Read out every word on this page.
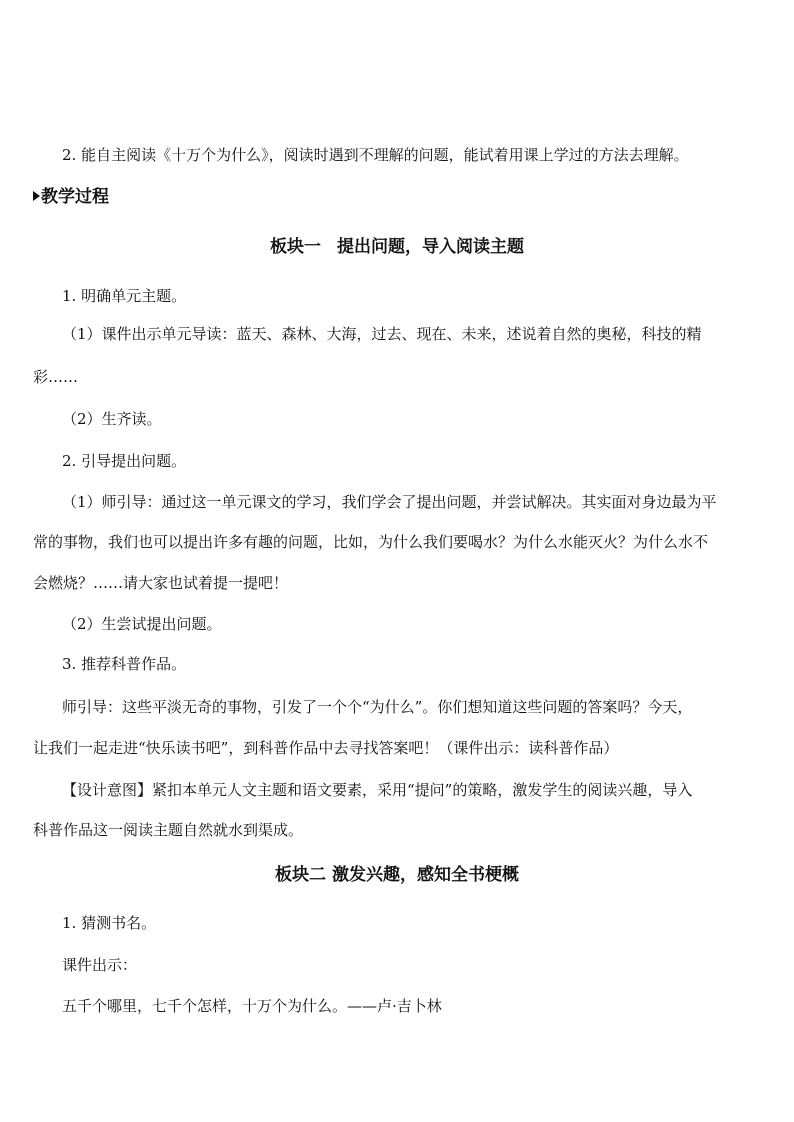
2. 能自主阅读《十万个为什么》，阅读时遇到不理解的问题，能试着用课上学过的方法去理解。
教学过程
板块一 提出问题，导入阅读主题
1. 明确单元主题。
（1）课件出示单元导读：蓝天、森林、大海，过去、现在、未来，述说着自然的奥秘，科技的精
彩……
（2）生齐读。
2. 引导提出问题。
（1）师引导：通过这一单元课文的学习，我们学会了提出问题，并尝试解决。其实面对身边最为平
常的事物，我们也可以提出许多有趣的问题，比如，为什么我们要喝水？为什么水能灭火？为什么水不
会燃烧？……请大家也试着提一提吧！
（2）生尝试提出问题。
3. 推荐科普作品。
师引导：这些平淡无奇的事物，引发了一个个“为什么”。你们想知道这些问题的答案吗？今天，
让我们一起走进“快乐读书吧”，到科普作品中去寻找答案吧！（课件出示：读科普作品）
【设计意图】紧扣本单元人文主题和语文要素，采用“提问”的策略，激发学生的阅读兴趣，导入
科普作品这一阅读主题自然就水到渠成。
板块二 激发兴趣，感知全书梗概
1. 猜测书名。
课件出示：
五千个哪里，七千个怎样，十万个为什么。——卢·吉卜林
